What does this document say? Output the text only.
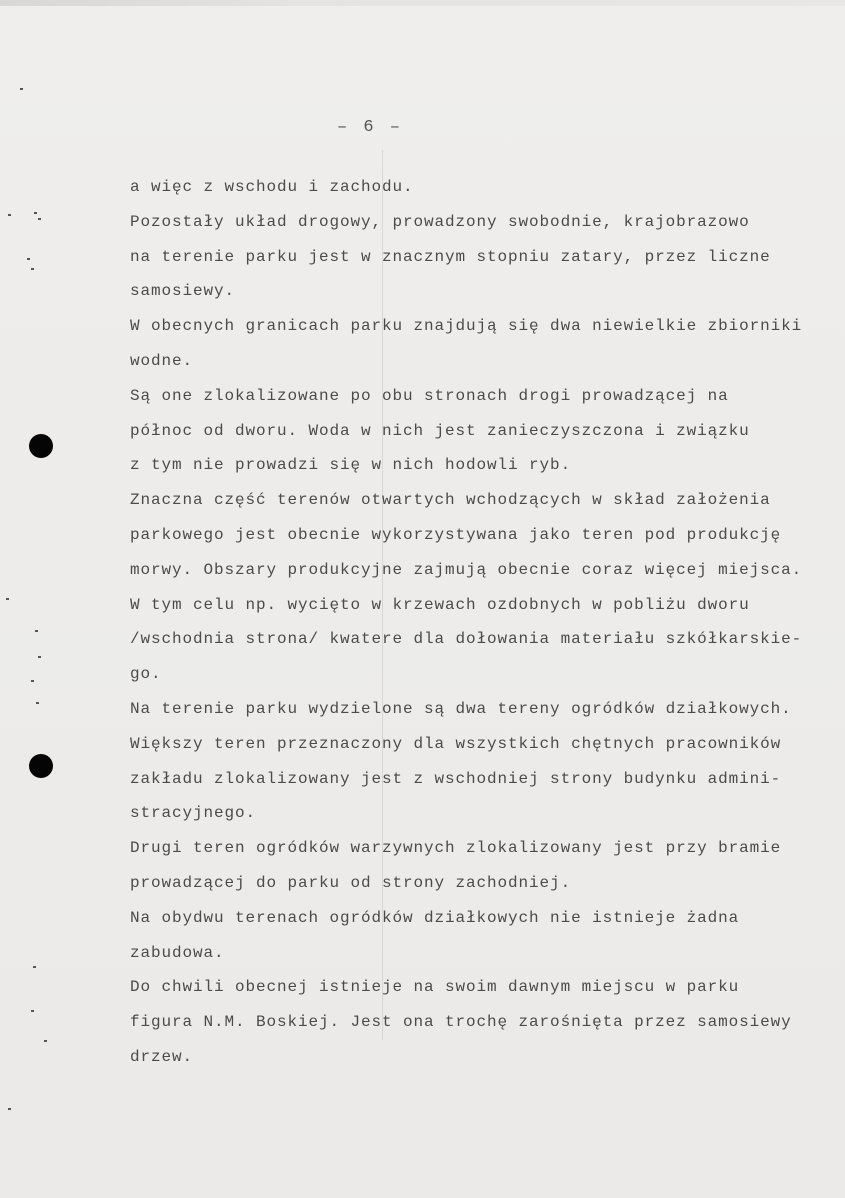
– 6 –
a więc z wschodu i zachodu.
Pozostały układ drogowy, prowadzony swobodnie, krajobrazowo
na terenie parku jest w znacznym stopniu zatary, przez liczne
samosiewy.
W obecnych granicach parku znajdują się dwa niewielkie zbiorniki
wodne.
Są one zlokalizowane po obu stronach drogi prowadzącej na
północ od dworu. Woda w nich jest zanieczyszczona i związku
z tym nie prowadzi się w nich hodowli ryb.
Znaczna część terenów otwartych wchodzących w skład założenia
parkowego jest obecnie wykorzystywana jako teren pod produkcję
morwy. Obszary produkcyjne zajmują obecnie coraz więcej miejsca.
W tym celu np. wycięto w krzewach ozdobnych w pobliżu dworu
/wschodnia strona/ kwatere dla dołowania materiału szkółkarskie-
go.
Na terenie parku wydzielone są dwa tereny ogródków działkowych.
Większy teren przeznaczony dla wszystkich chętnych pracowników
zakładu zlokalizowany jest z wschodniej strony budynku admini-
stracyjnego.
Drugi teren ogródków warzywnych zlokalizowany jest przy bramie
prowadzącej do parku od strony zachodniej.
Na obydwu terenach ogródków działkowych nie istnieje żadna
zabudowa.
Do chwili obecnej istnieje na swoim dawnym miejscu w parku
figura N.M. Boskiej. Jest ona trochę zarośnięta przez samosiewy
drzew.
